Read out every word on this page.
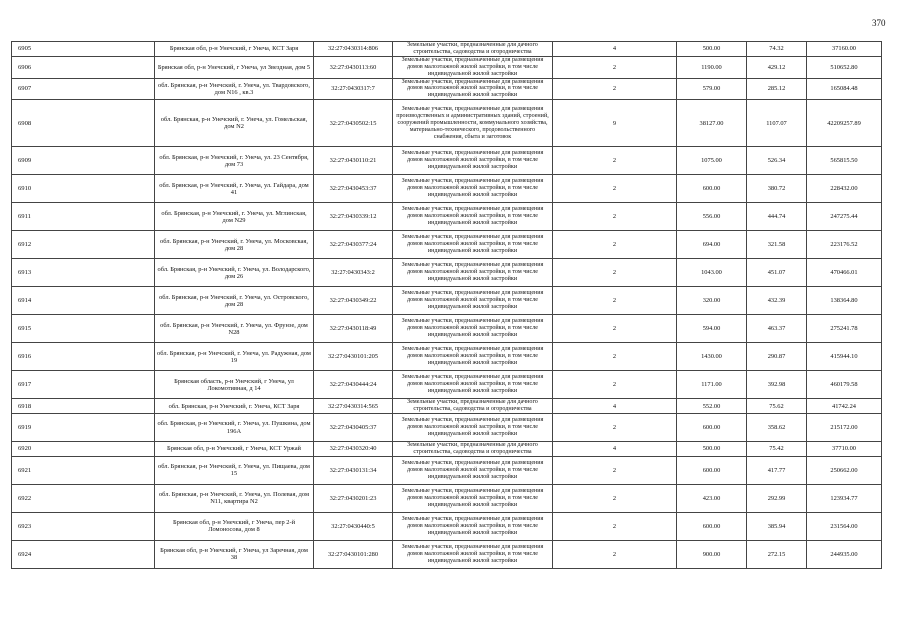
370
6905	Брянская обл, р-н Унечский, г Унеча, КСТ Заря	32:27:0430314:806	Земельные участки, предназначенные для дачного строительства, садоводства и огородничества	4	500.00	74.32	37160.00
6906	Брянская обл, р-н Унечский, г Унеча, ул Звездная, дом 5	32:27:0430113:60	Земельные участки, предназначенные для размещения домов малоэтажной жилой застройки, в том числе индивидуальной жилой застройки	2	1190.00	429.12	510652.80
6907	обл. Брянская, р-н Унечский, г. Унеча, ул. Твардовского, дом N16 , кв.3	32:27:0430317:7	Земельные участки, предназначенные для размещения домов малоэтажной жилой застройки, в том числе индивидуальной жилой застройки	2	579.00	285.12	165084.48
6908	обл. Брянская, р-н Унечский, г. Унеча, ул. Гомельская, дом N2	32:27:0430502:15	Земельные участки, предназначенные для размещения производственных и административных зданий, строений, сооружений промышленности, коммунального хозяйства, материально-технического, продовольственного снабжения, сбыта и заготовок	9	38127.00	1107.07	42209257.89
6909	обл. Брянская, р-н Унечский, г. Унеча, ул. 23 Сентября, дом 73	32:27:0430110:21	Земельные участки, предназначенные для размещения домов малоэтажной жилой застройки, в том числе индивидуальной жилой застройки	2	1075.00	526.34	565815.50
6910	обл. Брянская, р-н Унечский, г. Унеча, ул. Гайдара, дом 41	32:27:0430453:37	Земельные участки, предназначенные для размещения домов малоэтажной жилой застройки, в том числе индивидуальной жилой застройки	2	600.00	380.72	228432.00
6911	обл. Брянская, р-н Унечский, г. Унеча, ул. Мглинская, дом N29	32:27:0430339:12	Земельные участки, предназначенные для размещения домов малоэтажной жилой застройки, в том числе индивидуальной жилой застройки	2	556.00	444.74	247275.44
6912	обл. Брянская, р-н Унечский, г. Унеча, ул. Московская, дом 28	32:27:0430377:24	Земельные участки, предназначенные для размещения домов малоэтажной жилой застройки, в том числе индивидуальной жилой застройки	2	694.00	321.58	223176.52
6913	обл. Брянская, р-н Унечский, г. Унеча, ул. Володарского, дом 26	32:27:0430343:2	Земельные участки, предназначенные для размещения домов малоэтажной жилой застройки, в том числе индивидуальной жилой застройки	2	1043.00	451.07	470466.01
6914	обл. Брянская, р-н Унечский, г. Унеча, ул. Островского, дом 28	32:27:0430349:22	Земельные участки, предназначенные для размещения домов малоэтажной жилой застройки, в том числе индивидуальной жилой застройки	2	320.00	432.39	138364.80
6915	обл. Брянская, р-н Унечский, г. Унеча, ул. Фрунзе, дом N28	32:27:0430118:49	Земельные участки, предназначенные для размещения домов малоэтажной жилой застройки, в том числе индивидуальной жилой застройки	2	594.00	463.37	275241.78
6916	обл. Брянская, р-н Унечский, г. Унеча, ул. Радужная, дом 19	32:27:0430101:205	Земельные участки, предназначенные для размещения домов малоэтажной жилой застройки, в том числе индивидуальной жилой застройки	2	1430.00	290.87	415944.10
6917	Брянская область, р-н Унечский, г Унеча, ул Локомотивная, д 14	32:27:0430444:24	Земельные участки, предназначенные для размещения домов малоэтажной жилой застройки, в том числе индивидуальной жилой застройки	2	1171.00	392.98	460179.58
6918	обл. Брянская, р-н Унечский, г. Унеча, КСТ Заря	32:27:0430314:565	Земельные участки, предназначенные для дачного строительства, садоводства и огородничества	4	552.00	75.62	41742.24
6919	обл. Брянская, р-н Унечский, г. Унеча, ул. Пушкина, дом 196А	32:27:0430405:37	Земельные участки, предназначенные для размещения домов малоэтажной жилой застройки, в том числе индивидуальной жилой застройки	2	600.00	358.62	215172.00
6920	Брянская обл, р-н Унечский, г Унеча, КСТ Уржай	32:27:0430320:40	Земельные участки, предназначенные для дачного строительства, садоводства и огородничества	4	500.00	75.42	37710.00
6921	обл. Брянская, р-н Унечский, г. Унеча, ул. Пищаева, дом 15	32:27:0430131:34	Земельные участки, предназначенные для размещения домов малоэтажной жилой застройки, в том числе индивидуальной жилой застройки	2	600.00	417.77	250662.00
6922	обл. Брянская, р-н Унечский, г. Унеча, ул. Полевая, дом N11, квартира N2	32:27:0430201:23	Земельные участки, предназначенные для размещения домов малоэтажной жилой застройки, в том числе индивидуальной жилой застройки	2	423.00	292.99	123934.77
6923	Брянская обл, р-н Унечский, г Унеча, пер 2-й Ломоносова, дом 8	32:27:0430440:5	Земельные участки, предназначенные для размещения домов малоэтажной жилой застройки, в том числе индивидуальной жилой застройки	2	600.00	385.94	231564.00
6924	Брянская обл, р-н Унечский, г Унеча, ул Заречная, дом 38	32:27:0430101:280	Земельные участки, предназначенные для размещения домов малоэтажной жилой застройки, в том числе индивидуальной жилой застройки	2	900.00	272.15	244935.00
